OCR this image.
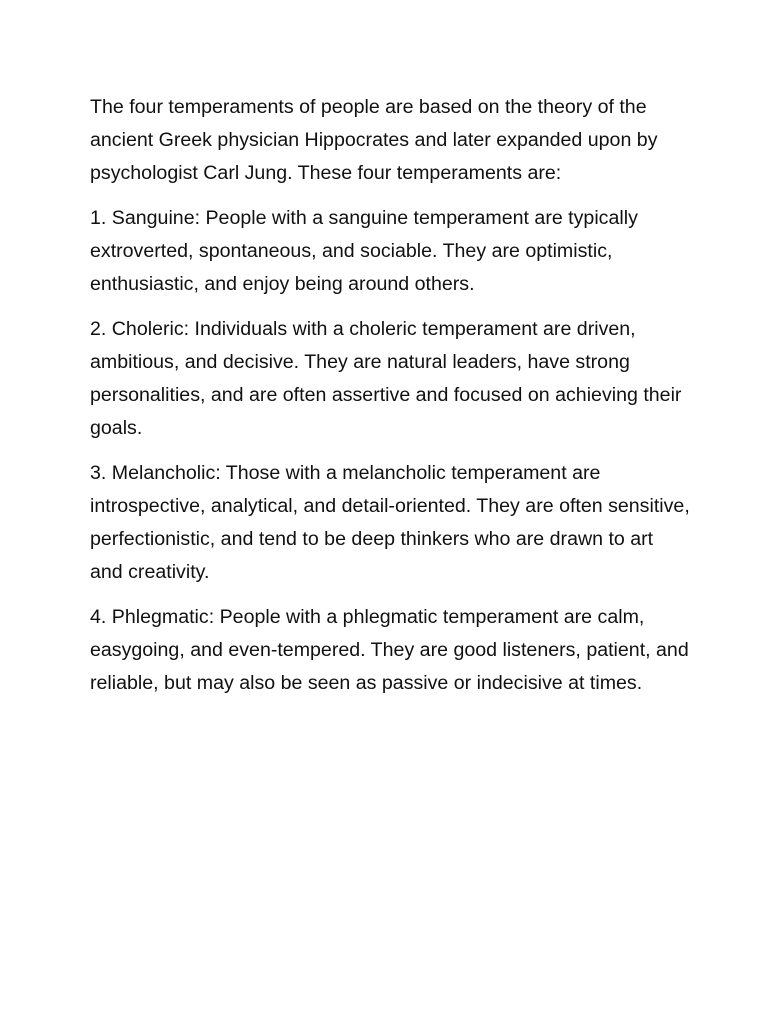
The four temperaments of people are based on the theory of the ancient Greek physician Hippocrates and later expanded upon by psychologist Carl Jung. These four temperaments are:

1. Sanguine: People with a sanguine temperament are typically extroverted, spontaneous, and sociable. They are optimistic, enthusiastic, and enjoy being around others.

2. Choleric: Individuals with a choleric temperament are driven, ambitious, and decisive. They are natural leaders, have strong personalities, and are often assertive and focused on achieving their goals.

3. Melancholic: Those with a melancholic temperament are introspective, analytical, and detail-oriented. They are often sensitive, perfectionistic, and tend to be deep thinkers who are drawn to art and creativity.

4. Phlegmatic: People with a phlegmatic temperament are calm, easygoing, and even-tempered. They are good listeners, patient, and reliable, but may also be seen as passive or indecisive at times.
